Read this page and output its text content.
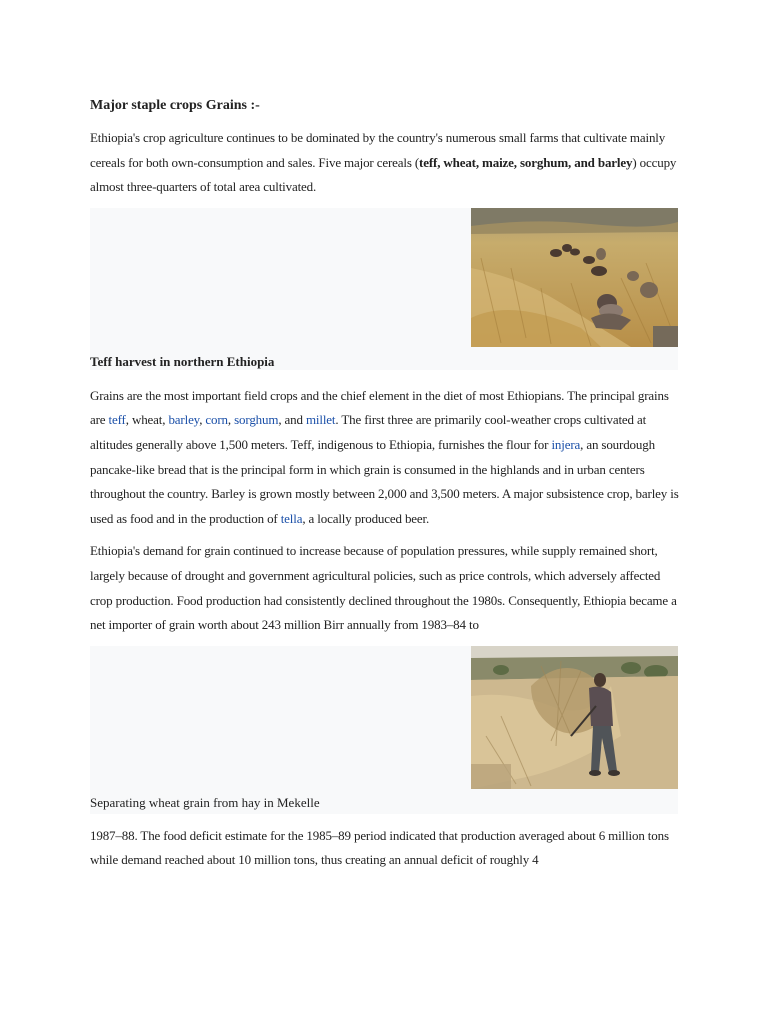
Major staple crops Grains :-

Ethiopia's crop agriculture continues to be dominated by the country's numerous small farms that cultivate mainly cereals for both own-consumption and sales. Five major cereals (teff, wheat, maize, sorghum, and barley) occupy almost three-quarters of total area cultivated.

Teff harvest in northern Ethiopia

Grains are the most important field crops and the chief element in the diet of most Ethiopians. The principal grains are teff, wheat, barley, corn, sorghum, and millet. The first three are primarily cool-weather crops cultivated at altitudes generally above 1,500 meters. Teff, indigenous to Ethiopia, furnishes the flour for injera, an sourdough pancake-like bread that is the principal form in which grain is consumed in the highlands and in urban centers throughout the country. Barley is grown mostly between 2,000 and 3,500 meters. A major subsistence crop, barley is used as food and in the production of tella, a locally produced beer.

Ethiopia's demand for grain continued to increase because of population pressures, while supply remained short, largely because of drought and government agricultural policies, such as price controls, which adversely affected crop production. Food production had consistently declined throughout the 1980s. Consequently, Ethiopia became a net importer of grain worth about 243 million Birr annually from 1983–84 to

Separating wheat grain from hay in Mekelle

1987–88. The food deficit estimate for the 1985–89 period indicated that production averaged about 6 million tons while demand reached about 10 million tons, thus creating an annual deficit of roughly 4
